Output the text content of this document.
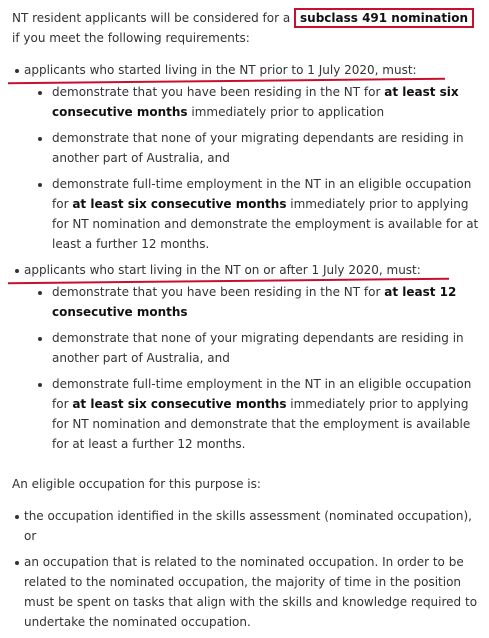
NT resident applicants will be considered for a subclass 491 nomination if you meet the following requirements:

applicants who started living in the NT prior to 1 July 2020, must:
demonstrate that you have been residing in the NT for at least six consecutive months immediately prior to application
demonstrate that none of your migrating dependants are residing in another part of Australia, and
demonstrate full-time employment in the NT in an eligible occupation for at least six consecutive months immediately prior to applying for NT nomination and demonstrate the employment is available for at least a further 12 months.
applicants who start living in the NT on or after 1 July 2020, must:
demonstrate that you have been residing in the NT for at least 12 consecutive months
demonstrate that none of your migrating dependants are residing in another part of Australia, and
demonstrate full-time employment in the NT in an eligible occupation for at least six consecutive months immediately prior to applying for NT nomination and demonstrate that the employment is available for at least a further 12 months.

An eligible occupation for this purpose is:

the occupation identified in the skills assessment (nominated occupation), or
an occupation that is related to the nominated occupation. In order to be related to the nominated occupation, the majority of time in the position must be spent on tasks that align with the skills and knowledge required to undertake the nominated occupation.
